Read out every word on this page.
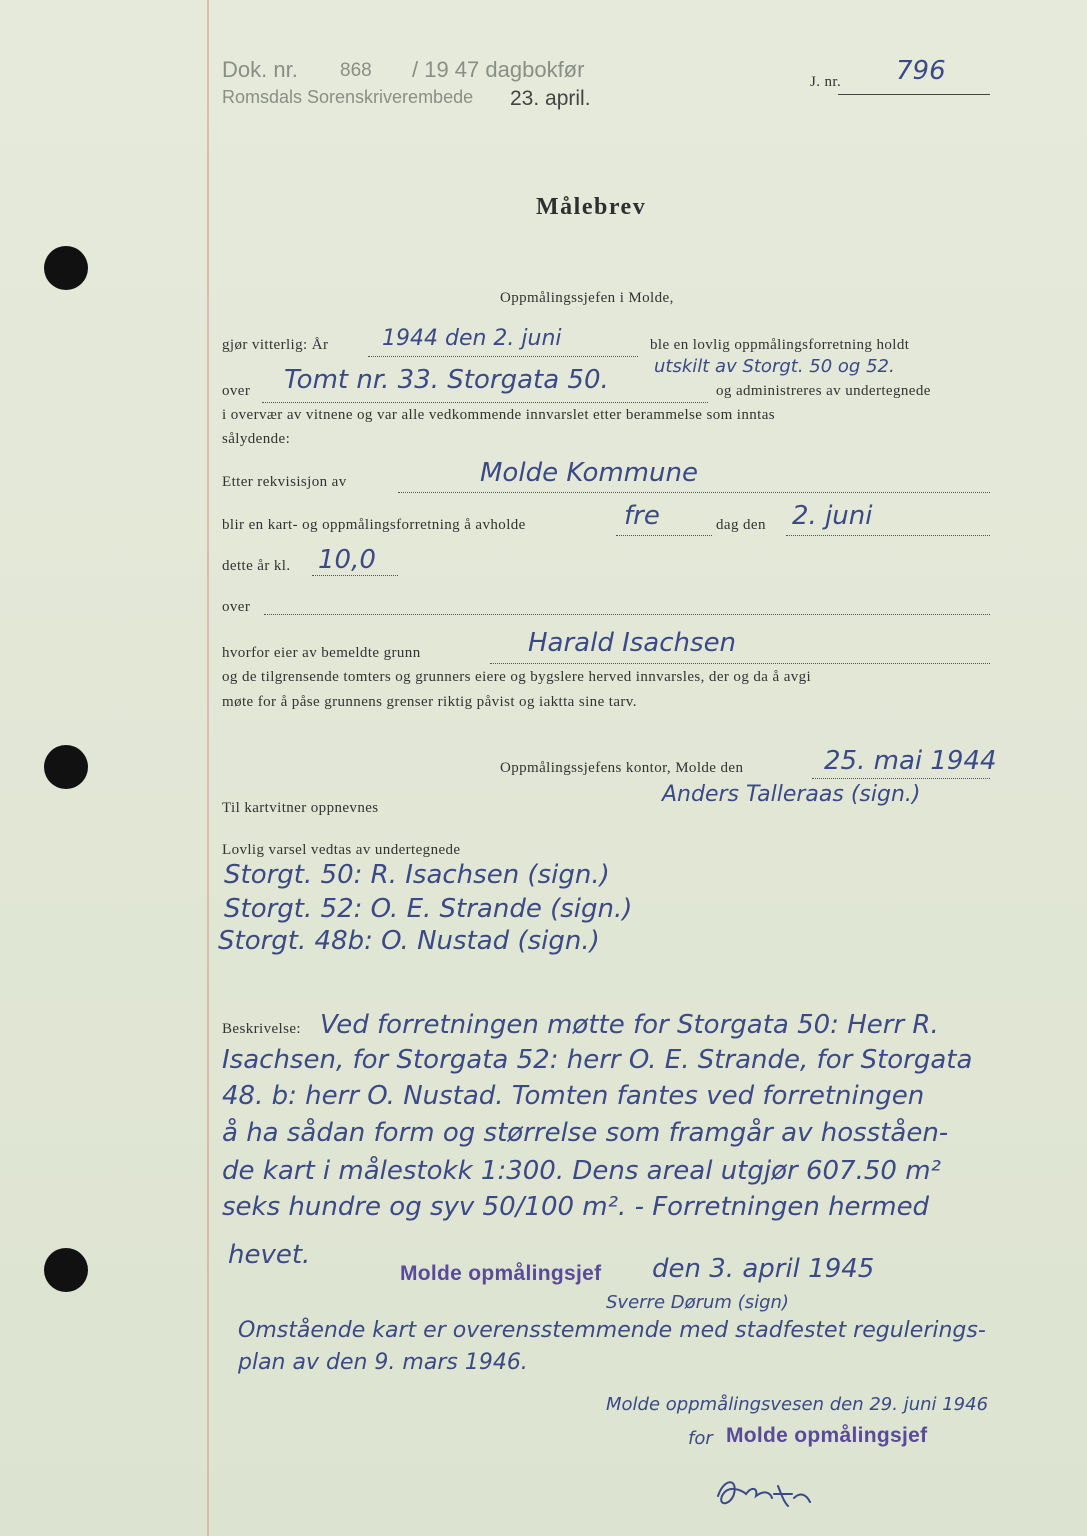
Dok. nr. 868 / 19 47 dagbokfør
Romsdals Sorenskriverembede 23. april.
J. nr. 796
Målebrev
Oppmålingssjefen i Molde,
gjør vitterlig: År 1944 den 2. juni	ble en lovlig oppmålingsforretning holdt
utskilt av Storgt. 50 og 52.
over Tomt nr. 33. Storgata 50.	og administreres av undertegnede
i overvær av vitnene og var alle vedkommende innvarslet etter berammelse som inntas
sålydende:
Etter rekvisisjon av	Molde Kommune
blir en kart- og oppmålingsforretning å avholde	fre	dag den 2. juni
dette år kl. 10,0
over
hvorfor eier av bemeldte grunn	Harald Isachsen
og de tilgrensende tomters og grunners eiere og bygslere herved innvarsles, der og da å avgi
møte for å påse grunnens grenser riktig påvist og iaktta sine tarv.
Oppmålingssjefens kontor, Molde den	25. mai 1944
Anders Talleraas (sign.)
Til kartvitner oppnevnes
Lovlig varsel vedtas av undertegnede
Storgt. 50: R. Isachsen (sign.)
Storgt. 52: O. E. Strande (sign.)
Storgt. 48b: O. Nustad (sign.)
Beskrivelse: Ved forretningen møtte for Storgata 50: Herr R.
Isachsen, for Storgata 52: herr O. E. Strande, for Storgata
48. b: herr O. Nustad. Tomten fantes ved forretningen
å ha sådan form og størrelse som framgår av hosståen-
de kart i målestokk 1:300. Dens areal utgjør 607.50 m²
seks hundre og syv 50/100 m². - Forretningen hermed
hevet.
Molde opmålingsjef den 3. april 1945
Sverre Dørum (sign)
Omstående kart er overensstemmende med stadfestet regulerings-
plan av den 9. mars 1946.
Molde oppmålingsvesen den 29. juni 1946
for Molde opmålingsjef
